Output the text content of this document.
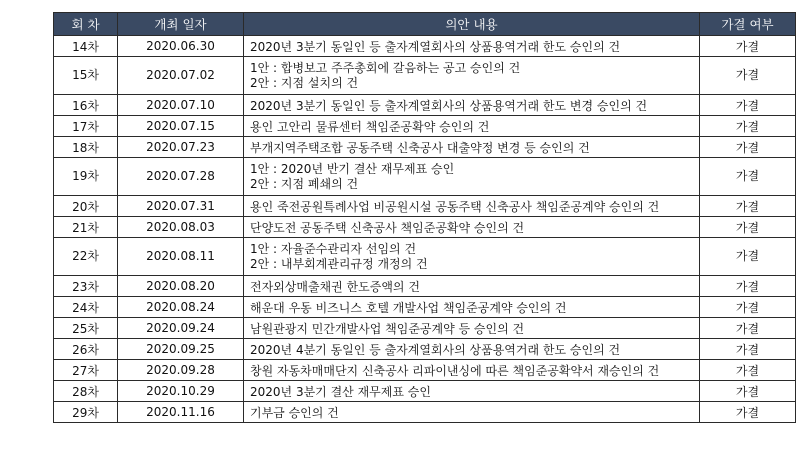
회 차	개최 일자	의안 내용	가결 여부
14차	2020.06.30	2020년 3분기 동일인 등 출자계열회사의 상품용역거래 한도 승인의 건	가결
15차	2020.07.02	1안 : 합병보고 주주총회에 갈음하는 공고 승인의 건
2안 : 지점 설치의 건	가결
16차	2020.07.10	2020년 3분기 동일인 등 출자계열회사의 상품용역거래 한도 변경 승인의 건	가결
17차	2020.07.15	용인 고안리 물류센터 책임준공확약 승인의 건	가결
18차	2020.07.23	부개지역주택조합 공동주택 신축공사 대출약정 변경 등 승인의 건	가결
19차	2020.07.28	1안 : 2020년 반기 결산 재무제표 승인
2안 : 지점 폐쇄의 건	가결
20차	2020.07.31	용인 죽전공원특례사업 비공원시설 공동주택 신축공사 책임준공계약 승인의 건	가결
21차	2020.08.03	단양도전 공동주택 신축공사 책임준공확약 승인의 건	가결
22차	2020.08.11	1안 : 자율준수관리자 선임의 건
2안 : 내부회계관리규정 개정의 건	가결
23차	2020.08.20	전자외상매출채권 한도증액의 건	가결
24차	2020.08.24	해운대 우동 비즈니스 호텔 개발사업 책임준공계약 승인의 건	가결
25차	2020.09.24	남원관광지 민간개발사업 책임준공계약 등 승인의 건	가결
26차	2020.09.25	2020년 4분기 동일인 등 출자계열회사의 상품용역거래 한도 승인의 건	가결
27차	2020.09.28	창원 자동차매매단지 신축공사 리파이낸싱에 따른 책임준공확약서 재승인의 건	가결
28차	2020.10.29	2020년 3분기 결산 재무제표 승인	가결
29차	2020.11.16	기부금 승인의 건	가결
